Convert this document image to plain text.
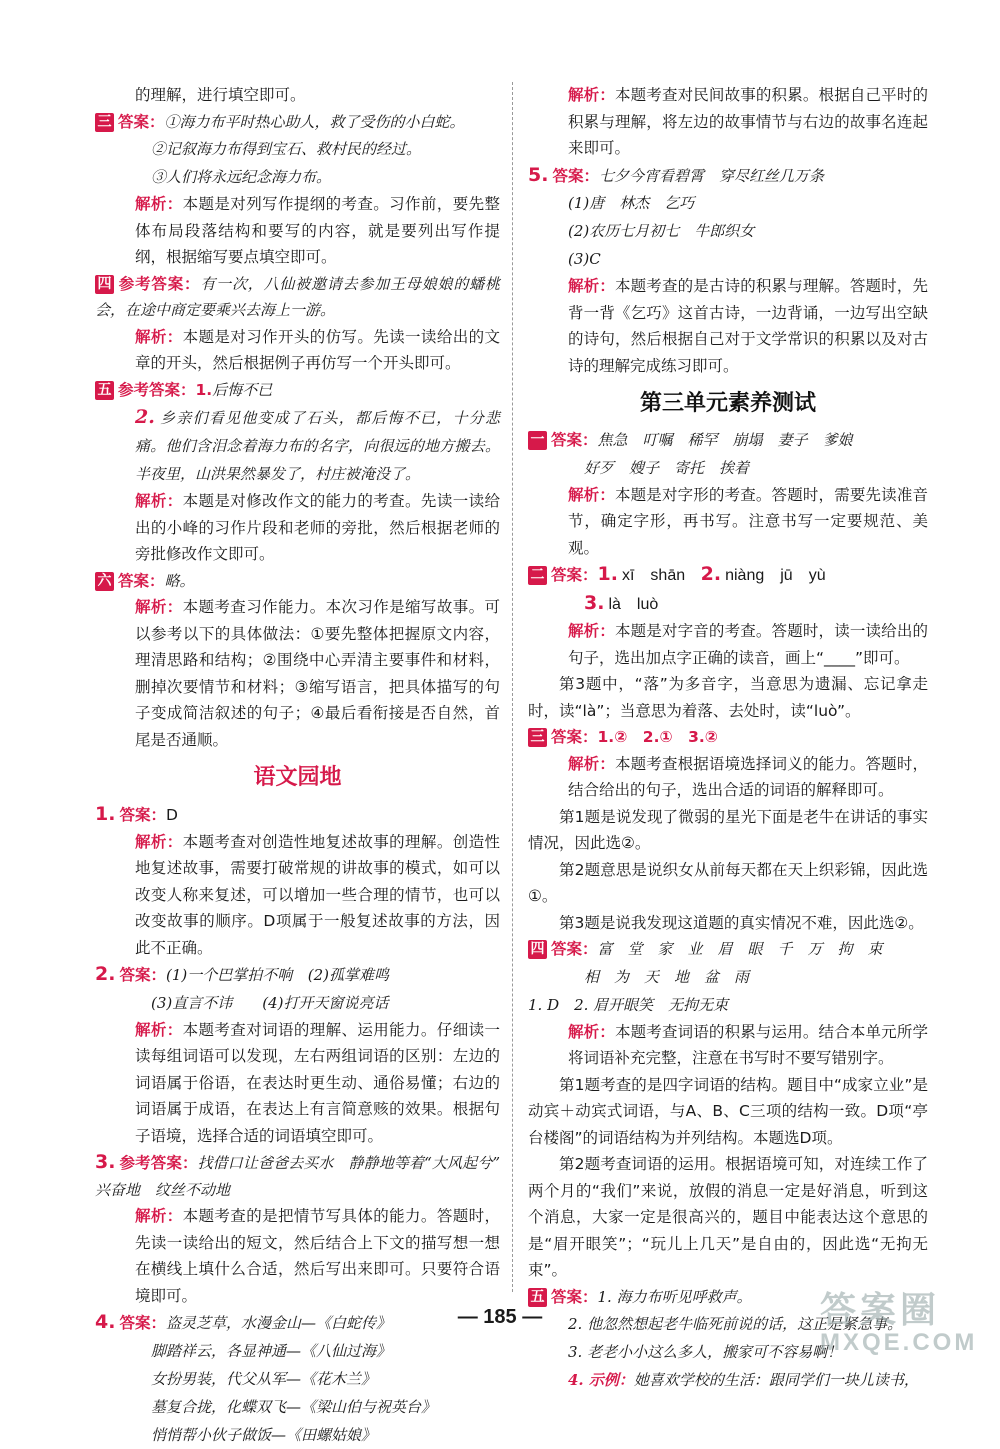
的理解，进行填空即可。
三 答案：①海力布平时热心助人，救了受伤的小白蛇。
②记叙海力布得到宝石、救村民的经过。
③人们将永远纪念海力布。
解析：本题是对列写作提纲的考查。习作前，要先整体布局段落结构和要写的内容，就是要列出写作提纲，根据缩写要点填空即可。
四 参考答案：有一次，八仙被邀请去参加王母娘娘的蟠桃会，在途中商定要乘兴去海上一游。
解析：本题是对习作开头的仿写。先读一读给出的文章的开头，然后根据例子再仿写一个开头即可。
五 参考答案：1.后悔不已
2. 乡亲们看见他变成了石头，都后悔不已，十分悲痛。他们含泪念着海力布的名字，向很远的地方搬去。半夜里，山洪果然暴发了，村庄被淹没了。
解析：本题是对修改作文的能力的考查。先读一读给出的小峰的习作片段和老师的旁批，然后根据老师的旁批修改作文即可。
六 答案：略。
解析：本题考查习作能力。本次习作是缩写故事。可以参考以下的具体做法：①要先整体把握原文内容，理清思路和结构；②围绕中心弄清主要事件和材料，删掉次要情节和材料；③缩写语言，把具体描写的句子变成简洁叙述的句子；④最后看衔接是否自然，首尾是否通顺。
语文园地
1. 答案：D
解析：本题考查对创造性地复述故事的理解。创造性地复述故事，需要打破常规的讲故事的模式，如可以改变人称来复述，可以增加一些合理的情节，也可以改变故事的顺序。D项属于一般复述故事的方法，因此不正确。
2. 答案：(1)一个巴掌拍不响　 (2)孤掌难鸣
(3)直言不讳　　 (4)打开天窗说亮话
解析：本题考查对词语的理解、运用能力。仔细读一读每组词语可以发现，左右两组词语的区别：左边的词语属于俗语，在表达时更生动、通俗易懂；右边的词语属于成语，在表达上有言简意赅的效果。根据句子语境，选择合适的词语填空即可。
3. 参考答案：找借口让爸爸去买水　静静地等着“大风起兮”　兴奋地　纹丝不动地
解析：本题考查的是把情节写具体的能力。答题时，先读一读给出的短文，然后结合上下文的描写想一想在横线上填什么合适，然后写出来即可。只要符合语境即可。
4. 答案：盗灵芝草，水漫金山—《白蛇传》
脚踏祥云，各显神通—《八仙过海》
女扮男装，代父从军—《花木兰》
墓复合拢，化蝶双飞—《梁山伯与祝英台》
悄悄帮小伙子做饭—《田螺姑娘》
解析：本题考查对民间故事的积累。根据自己平时的积累与理解，将左边的故事情节与右边的故事名连起来即可。
5. 答案：七夕今宵看碧霄　穿尽红丝几万条
(1)唐　林杰　乞巧
(2)农历七月初七　牛郎织女
(3)C
解析：本题考查的是古诗的积累与理解。答题时，先背一背《乞巧》这首古诗，一边背诵，一边写出空缺的诗句，然后根据自己对于文学常识的积累以及对古诗的理解完成练习即可。
第三单元素养测试
一 答案：焦急　叮嘱　稀罕　崩塌　妻子　爹娘
好歹　嫂子　寄托　挨着
解析：本题是对字形的考查。答题时，需要先读准音节，确定字形，再书写。注意书写一定要规范、美观。
二 答案：1. xī　shān　 2. niàng　jū　yù
3. là　luò
解析：本题是对字音的考查。答题时，读一读给出的句子，选出加点字正确的读音，画上“____”即可。
第3题中，“落”为多音字，当意思为遗漏、忘记拿走时，读“là”；当意思为着落、去处时，读“luò”。
三 答案：1.②　2.①　3.②
解析：本题考查根据语境选择词义的能力。答题时，结合给出的句子，选出合适的词语的解释即可。
第1题是说发现了微弱的星光下面是老牛在讲话的事实情况，因此选②。
第2题意思是说织女从前每天都在天上织彩锦，因此选①。
第3题是说我发现这道题的真实情况不难，因此选②。
四 答案：富　堂　家　业　眉　眼　千　万　拘　束
相　为　天　地　盆　雨
1. D　2. 眉开眼笑　无拘无束
解析：本题考查词语的积累与运用。结合本单元所学将词语补充完整，注意在书写时不要写错别字。
第1题考查的是四字词语的结构。题目中“成家立业”是动宾＋动宾式词语，与A、B、C三项的结构一致。D项“亭台楼阁”的词语结构为并列结构。本题选D项。
第2题考查词语的运用。根据语境可知，对连续工作了两个月的“我们”来说，放假的消息一定是好消息，听到这个消息，大家一定是很高兴的，题目中能表达这个意思的是“眉开眼笑”；“玩儿上几天”是自由的，因此选“无拘无束”。
五 答案：1. 海力布听见呼救声。
2. 他忽然想起老牛临死前说的话，这正是紧急事。
3. 老老小小这么多人，搬家可不容易啊！
4. 示例：她喜欢学校的生活：跟同学们一块儿读书，
— 185 —	答案圈
MXQE.COM
